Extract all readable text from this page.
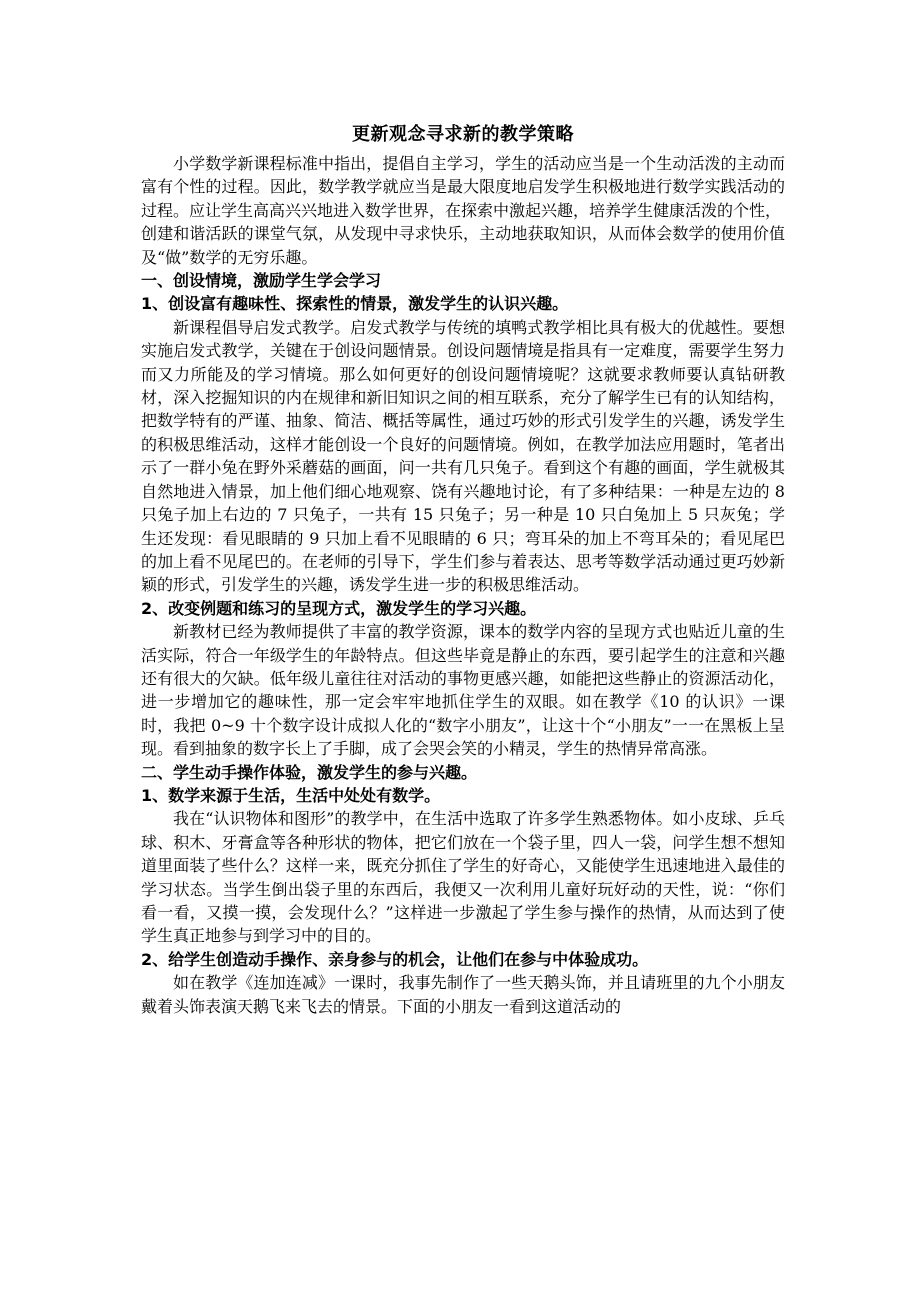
更新观念寻求新的教学策略

小学数学新课程标准中指出，提倡自主学习，学生的活动应当是一个生动活泼的主动而富有个性的过程。因此，数学教学就应当是最大限度地启发学生积极地进行数学实践活动的过程。应让学生高高兴兴地进入数学世界，在探索中激起兴趣，培养学生健康活泼的个性，

创建和谐活跃的课堂气氛，从发现中寻求快乐，主动地获取知识，从而体会数学的使用价值及“做”数学的无穷乐趣。

一、创设情境，激励学生学会学习
1、创设富有趣味性、探索性的情景，激发学生的认识兴趣。

新课程倡导启发式教学。启发式教学与传统的填鸭式教学相比具有极大的优越性。要想实施启发式教学，关键在于创设问题情景。创设问题情境是指具有一定难度，需要学生努力而又力所能及的学习情境。那么如何更好的创设问题情境呢？这就要求教师要认真钻研教材，深入挖掘知识的内在规律和新旧知识之间的相互联系，充分了解学生已有的认知结构，把数学特有的严谨、抽象、简洁、概括等属性，通过巧妙的形式引发学生的兴趣，诱发学生的积极思维活动，这样才能创设一个良好的问题情境。例如，在教学加法应用题时，笔者出示了一群小兔在野外采蘑菇的画面，问一共有几只兔子。看到这个有趣的画面，学生就极其自然地进入情景，加上他们细心地观察、饶有兴趣地讨论，有了多种结果：一种是左边的 8 只兔子加上右边的 7 只兔子，一共有 15 只兔子；另一种是 10 只白兔加上 5 只灰兔；学生还发现：看见眼睛的 9 只加上看不见眼睛的 6 只；弯耳朵的加上不弯耳朵的；看见尾巴的加上看不见尾巴的。在老师的引导下，学生们参与着表达、思考等数学活动通过更巧妙新颖的形式，引发学生的兴趣，诱发学生进一步的积极思维活动。

2、改变例题和练习的呈现方式，激发学生的学习兴趣。

新教材已经为教师提供了丰富的教学资源，课本的数学内容的呈现方式也贴近儿童的生活实际，符合一年级学生的年龄特点。但这些毕竟是静止的东西，要引起学生的注意和兴趣还有很大的欠缺。低年级儿童往往对活动的事物更感兴趣，如能把这些静止的资源活动化，进一步增加它的趣味性，那一定会牢牢地抓住学生的双眼。如在教学《10 的认识》一课时，我把 0~9 十个数字设计成拟人化的“数字小朋友”，让这十个“小朋友”一一在黑板上呈现。看到抽象的数字长上了手脚，成了会哭会笑的小精灵，学生的热情异常高涨。

二、学生动手操作体验，激发学生的参与兴趣。
1、数学来源于生活，生活中处处有数学。

我在“认识物体和图形”的教学中，在生活中选取了许多学生熟悉物体。如小皮球、乒乓球、积木、牙膏盒等各种形状的物体，把它们放在一个袋子里，四人一袋，问学生想不想知道里面装了些什么？这样一来，既充分抓住了学生的好奇心，又能使学生迅速地进入最佳的学习状态。当学生倒出袋子里的东西后，我便又一次利用儿童好玩好动的天性，说：“你们看一看，又摸一摸，会发现什么？”这样进一步激起了学生参与操作的热情，从而达到了使学生真正地参与到学习中的目的。

2、给学生创造动手操作、亲身参与的机会，让他们在参与中体验成功。

如在教学《连加连减》一课时，我事先制作了一些天鹅头饰，并且请班里的九个小朋友戴着头饰表演天鹅飞来飞去的情景。下面的小朋友一看到这道活动的
